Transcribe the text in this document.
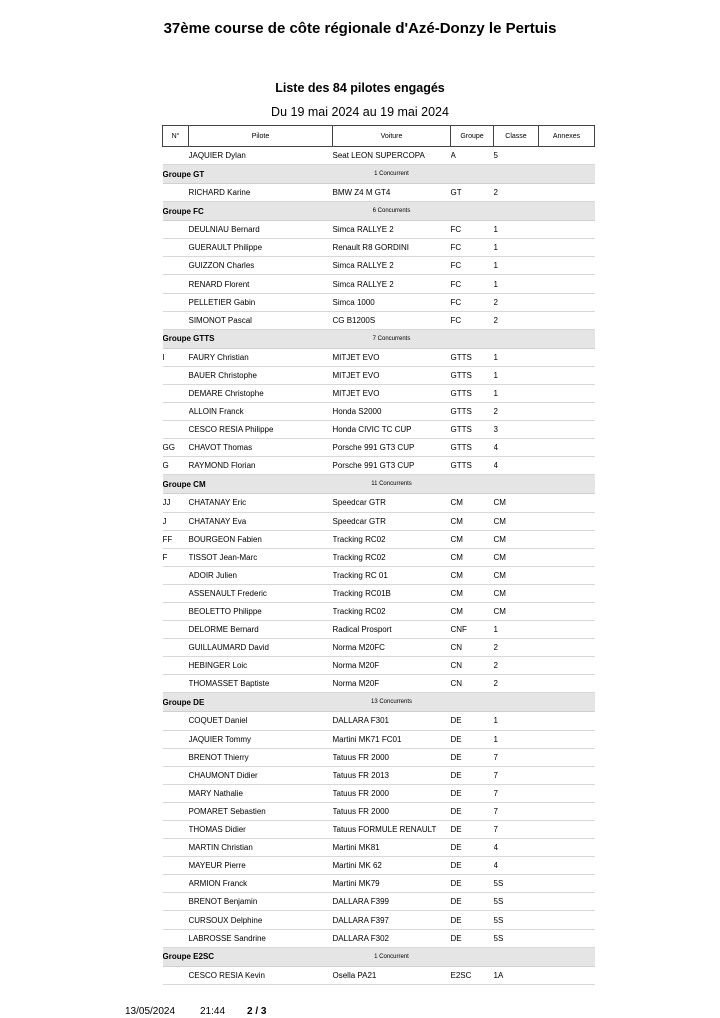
37ème course de côte régionale d'Azé-Donzy le Pertuis
Liste des 84 pilotes engagés
Du 19 mai 2024 au 19 mai 2024
N°	Pilote	Voiture	Groupe	Classe	Annexes
	JAQUIER Dylan	Seat LEON SUPERCOPA	A	5	
Groupe GT		1 Concurrent			
	RICHARD Karine	BMW Z4 M GT4	GT	2	
Groupe FC		6 Concurrents			
	DEULNIAU Bernard	Simca RALLYE 2	FC	1	
	GUERAULT Philippe	Renault R8 GORDINI	FC	1	
	GUIZZON Charles	Simca RALLYE 2	FC	1	
	RENARD Florent	Simca RALLYE 2	FC	1	
	PELLETIER Gabin	Simca 1000	FC	2	
	SIMONOT Pascal	CG B1200S	FC	2	
Groupe GTTS		7 Concurrents			
I	FAURY Christian	MITJET EVO	GTTS	1	
	BAUER Christophe	MITJET EVO	GTTS	1	
	DEMARE Christophe	MITJET EVO	GTTS	1	
	ALLOIN Franck	Honda S2000	GTTS	2	
	CESCO RESIA Philippe	Honda CIVIC TC CUP	GTTS	3	
GG	CHAVOT Thomas	Porsche 991 GT3 CUP	GTTS	4	
G	RAYMOND Florian	Porsche 991 GT3 CUP	GTTS	4	
Groupe CM		11 Concurrents			
JJ	CHATANAY Eric	Speedcar GTR	CM	CM	
J	CHATANAY Eva	Speedcar GTR	CM	CM	
FF	BOURGEON Fabien	Tracking RC02	CM	CM	
F	TISSOT Jean-Marc	Tracking RC02	CM	CM	
	ADOIR Julien	Tracking RC 01	CM	CM	
	ASSENAULT Frederic	Tracking RC01B	CM	CM	
	BEOLETTO Philippe	Tracking RC02	CM	CM	
	DELORME Bernard	Radical Prosport	CNF	1	
	GUILLAUMARD David	Norma M20FC	CN	2	
	HEBINGER Loic	Norma M20F	CN	2	
	THOMASSET Baptiste	Norma M20F	CN	2	
Groupe DE		13 Concurrents			
	COQUET Daniel	DALLARA F301	DE	1	
	JAQUIER Tommy	Martini MK71 FC01	DE	1	
	BRENOT Thierry	Tatuus FR 2000	DE	7	
	CHAUMONT Didier	Tatuus FR 2013	DE	7	
	MARY Nathalie	Tatuus FR 2000	DE	7	
	POMARET Sebastien	Tatuus FR 2000	DE	7	
	THOMAS Didier	Tatuus FORMULE RENAULT	DE	7	
	MARTIN Christian	Martini MK81	DE	4	
	MAYEUR Pierre	Martini MK 62	DE	4	
	ARMION Franck	Martini MK79	DE	5S	
	BRENOT Benjamin	DALLARA F399	DE	5S	
	CURSOUX Delphine	DALLARA F397	DE	5S	
	LABROSSE Sandrine	DALLARA F302	DE	5S	
Groupe E2SC		1 Concurrent			
	CESCO RESIA Kevin	Osella PA21	E2SC	1A	
13/05/2024 21:44 2 / 3
